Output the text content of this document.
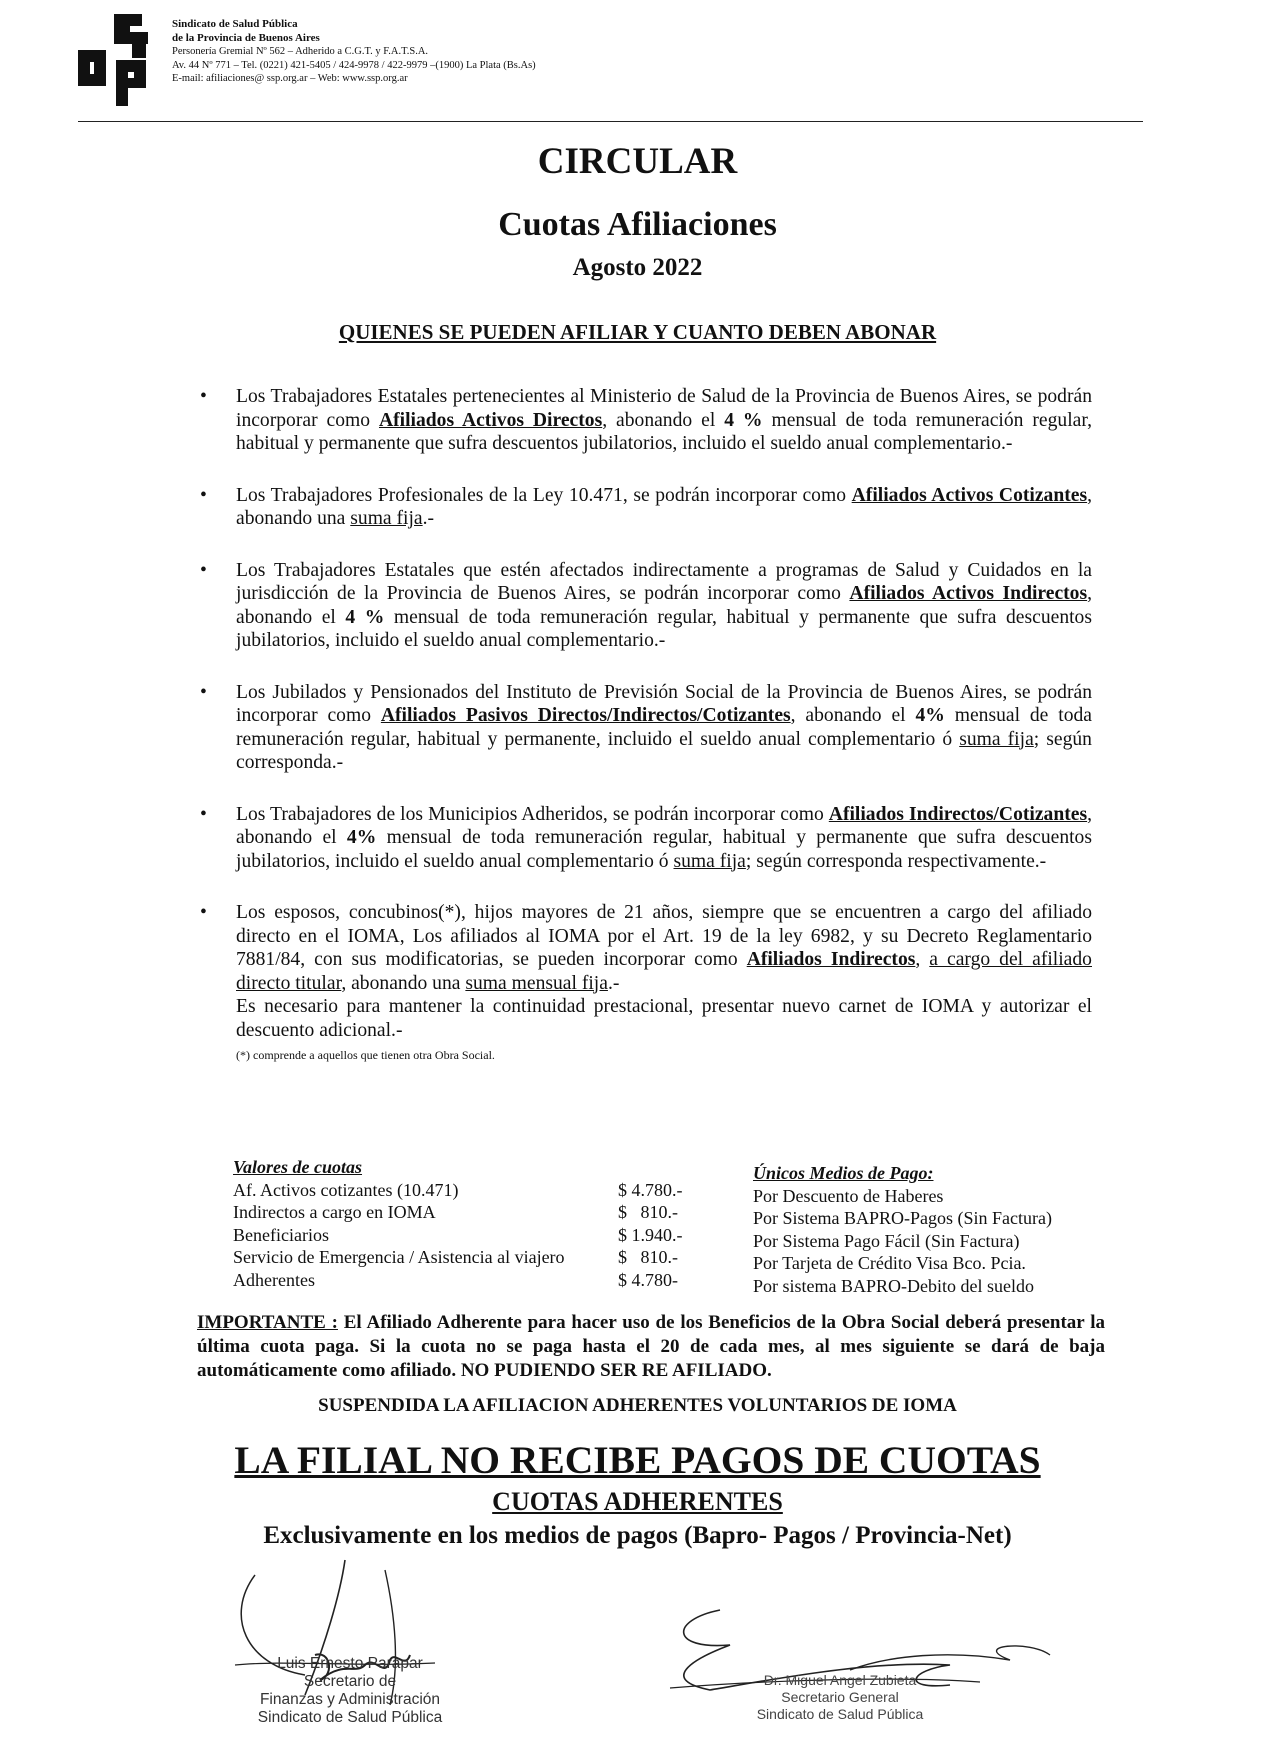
Sindicato de Salud Pública
de la Provincia de Buenos Aires
Personería Gremial Nº 562 – Adherido a C.G.T. y F.A.T.S.A.
Av. 44 Nº 771 – Tel. (0221) 421-5405 / 424-9978 / 422-9979 –(1900) La Plata (Bs.As)
E-mail: afiliaciones@ ssp.org.ar – Web: www.ssp.org.ar
CIRCULAR
Cuotas Afiliaciones
Agosto 2022
QUIENES SE PUEDEN AFILIAR Y CUANTO DEBEN ABONAR
• Los Trabajadores Estatales pertenecientes al Ministerio de Salud de la Provincia de Buenos Aires, se podrán incorporar como Afiliados Activos Directos, abonando el 4 % mensual de toda remuneración regular, habitual y permanente que sufra descuentos jubilatorios, incluido el sueldo anual complementario.-
• Los Trabajadores Profesionales de la Ley 10.471, se podrán incorporar como Afiliados Activos Cotizantes, abonando una suma fija.-
• Los Trabajadores Estatales que estén afectados indirectamente a programas de Salud y Cuidados en la jurisdicción de la Provincia de Buenos Aires, se podrán incorporar como Afiliados Activos Indirectos, abonando el 4 % mensual de toda remuneración regular, habitual y permanente que sufra descuentos jubilatorios, incluido el sueldo anual complementario.-
• Los Jubilados y Pensionados del Instituto de Previsión Social de la Provincia de Buenos Aires, se podrán incorporar como Afiliados Pasivos Directos/Indirectos/Cotizantes, abonando el 4% mensual de toda remuneración regular, habitual y permanente, incluido el sueldo anual complementario ó suma fija; según corresponda.-
• Los Trabajadores de los Municipios Adheridos, se podrán incorporar como Afiliados Indirectos/Cotizantes, abonando el 4% mensual de toda remuneración regular, habitual y permanente que sufra descuentos jubilatorios, incluido el sueldo anual complementario ó suma fija; según corresponda respectivamente.-
• Los esposos, concubinos(*), hijos mayores de 21 años, siempre que se encuentren a cargo del afiliado directo en el IOMA, Los afiliados al IOMA por el Art. 19 de la ley 6982, y su Decreto Reglamentario 7881/84, con sus modificatorias, se pueden incorporar como Afiliados Indirectos, a cargo del afiliado directo titular, abonando una suma mensual fija.-
Es necesario para mantener la continuidad prestacional, presentar nuevo carnet de IOMA y autorizar el descuento adicional.-
(*) comprende a aquellos que tienen otra Obra Social.
Valores de cuotas
Af. Activos cotizantes (10.471)	$ 4.780.-
Indirectos a cargo en IOMA	$   810.-
Beneficiarios	$ 1.940.-
Servicio de Emergencia / Asistencia al viajero	$   810.-
Adherentes	$ 4.780-
Únicos Medios de Pago:
Por Descuento de Haberes
Por Sistema BAPRO-Pagos (Sin Factura)
Por Sistema Pago Fácil (Sin Factura)
Por Tarjeta de Crédito Visa Bco. Pcia.
Por sistema BAPRO-Debito del sueldo
IMPORTANTE : El Afiliado Adherente para hacer uso de los Beneficios de la Obra Social deberá presentar la última cuota paga. Si la cuota no se paga hasta el 20 de cada mes, al mes siguiente se dará de baja automáticamente como afiliado. NO PUDIENDO SER RE AFILIADO.
SUSPENDIDA LA AFILIACION ADHERENTES VOLUNTARIOS DE IOMA
LA FILIAL NO RECIBE PAGOS DE CUOTAS
CUOTAS ADHERENTES
Exclusivamente en los medios de pagos (Bapro- Pagos / Provincia-Net)
Luis Ernesto Parapar
Secretario de
Finanzas y Administración
Sindicato de Salud Pública
Dr. Miguel Angel Zubieta
Secretario General
Sindicato de Salud Pública
